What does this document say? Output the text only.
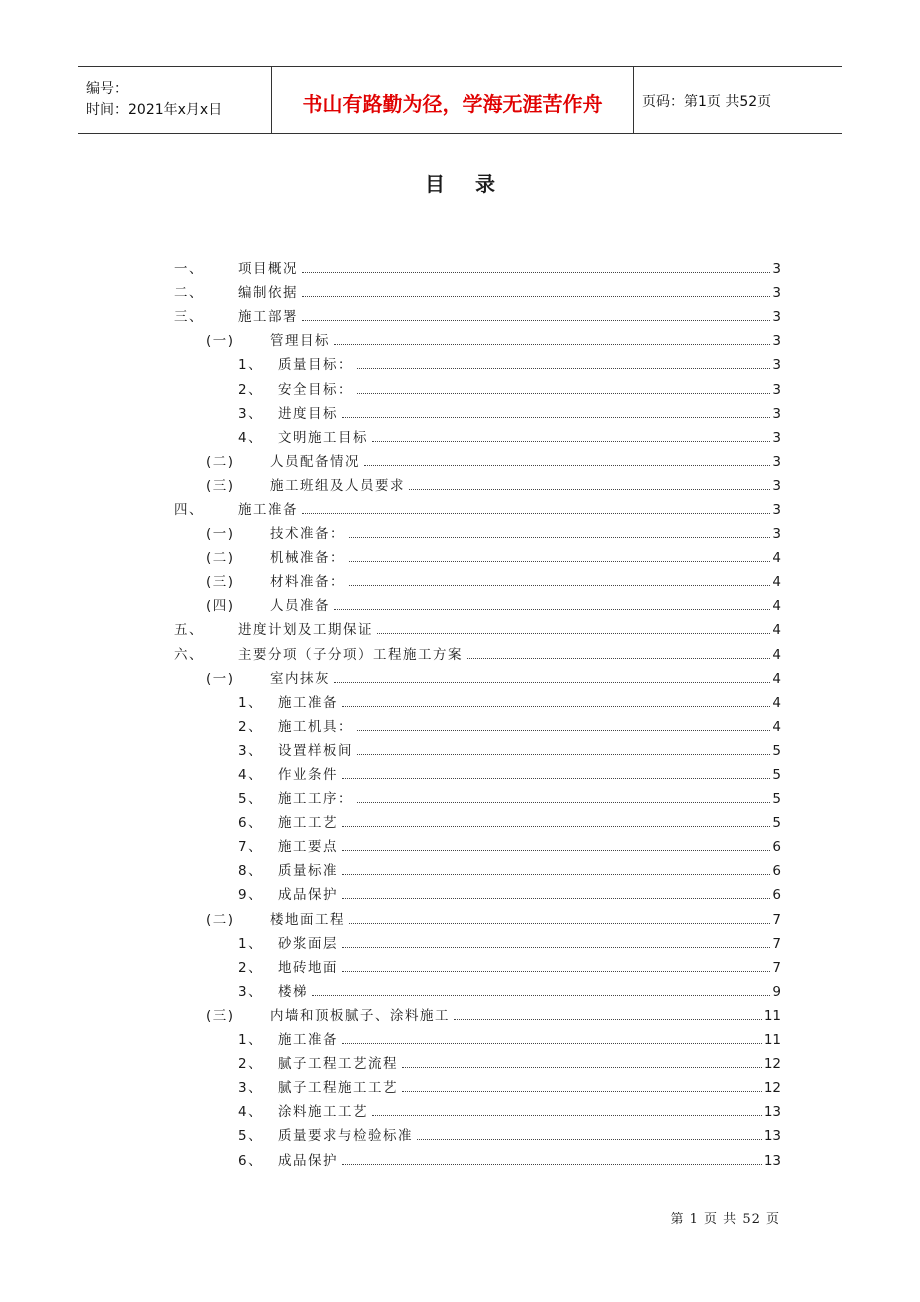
编号：
时间：2021年x月x日	书山有路勤为径，学海无涯苦作舟	页码：第1页 共52页
目录
一、	项目概况	3
二、	编制依据	3
三、	施工部署	3
(一)	管理目标	3
1、 质量目标：	3
2、 安全目标：	3
3、 进度目标	3
4、 文明施工目标	3
(二)	人员配备情况	3
(三)	施工班组及人员要求	3
四、	施工准备	3
(一)	技术准备：	3
(二)	机械准备：	4
(三)	材料准备：	4
(四)	人员准备	4
五、	进度计划及工期保证	4
六、	主要分项（子分项）工程施工方案	4
(一)	室内抹灰	4
1、 施工准备	4
2、 施工机具：	4
3、 设置样板间	5
4、 作业条件	5
5、 施工工序：	5
6、 施工工艺	5
7、 施工要点	6
8、 质量标准	6
9、 成品保护	6
(二)	楼地面工程	7
1、 砂浆面层	7
2、 地砖地面	7
3、 楼梯	9
(三)	内墙和顶板腻子、涂料施工	11
1、 施工准备	11
2、 腻子工程工艺流程	12
3、 腻子工程施工工艺	12
4、 涂料施工工艺	13
5、 质量要求与检验标准	13
6、 成品保护	13
第 1 页 共 52 页
